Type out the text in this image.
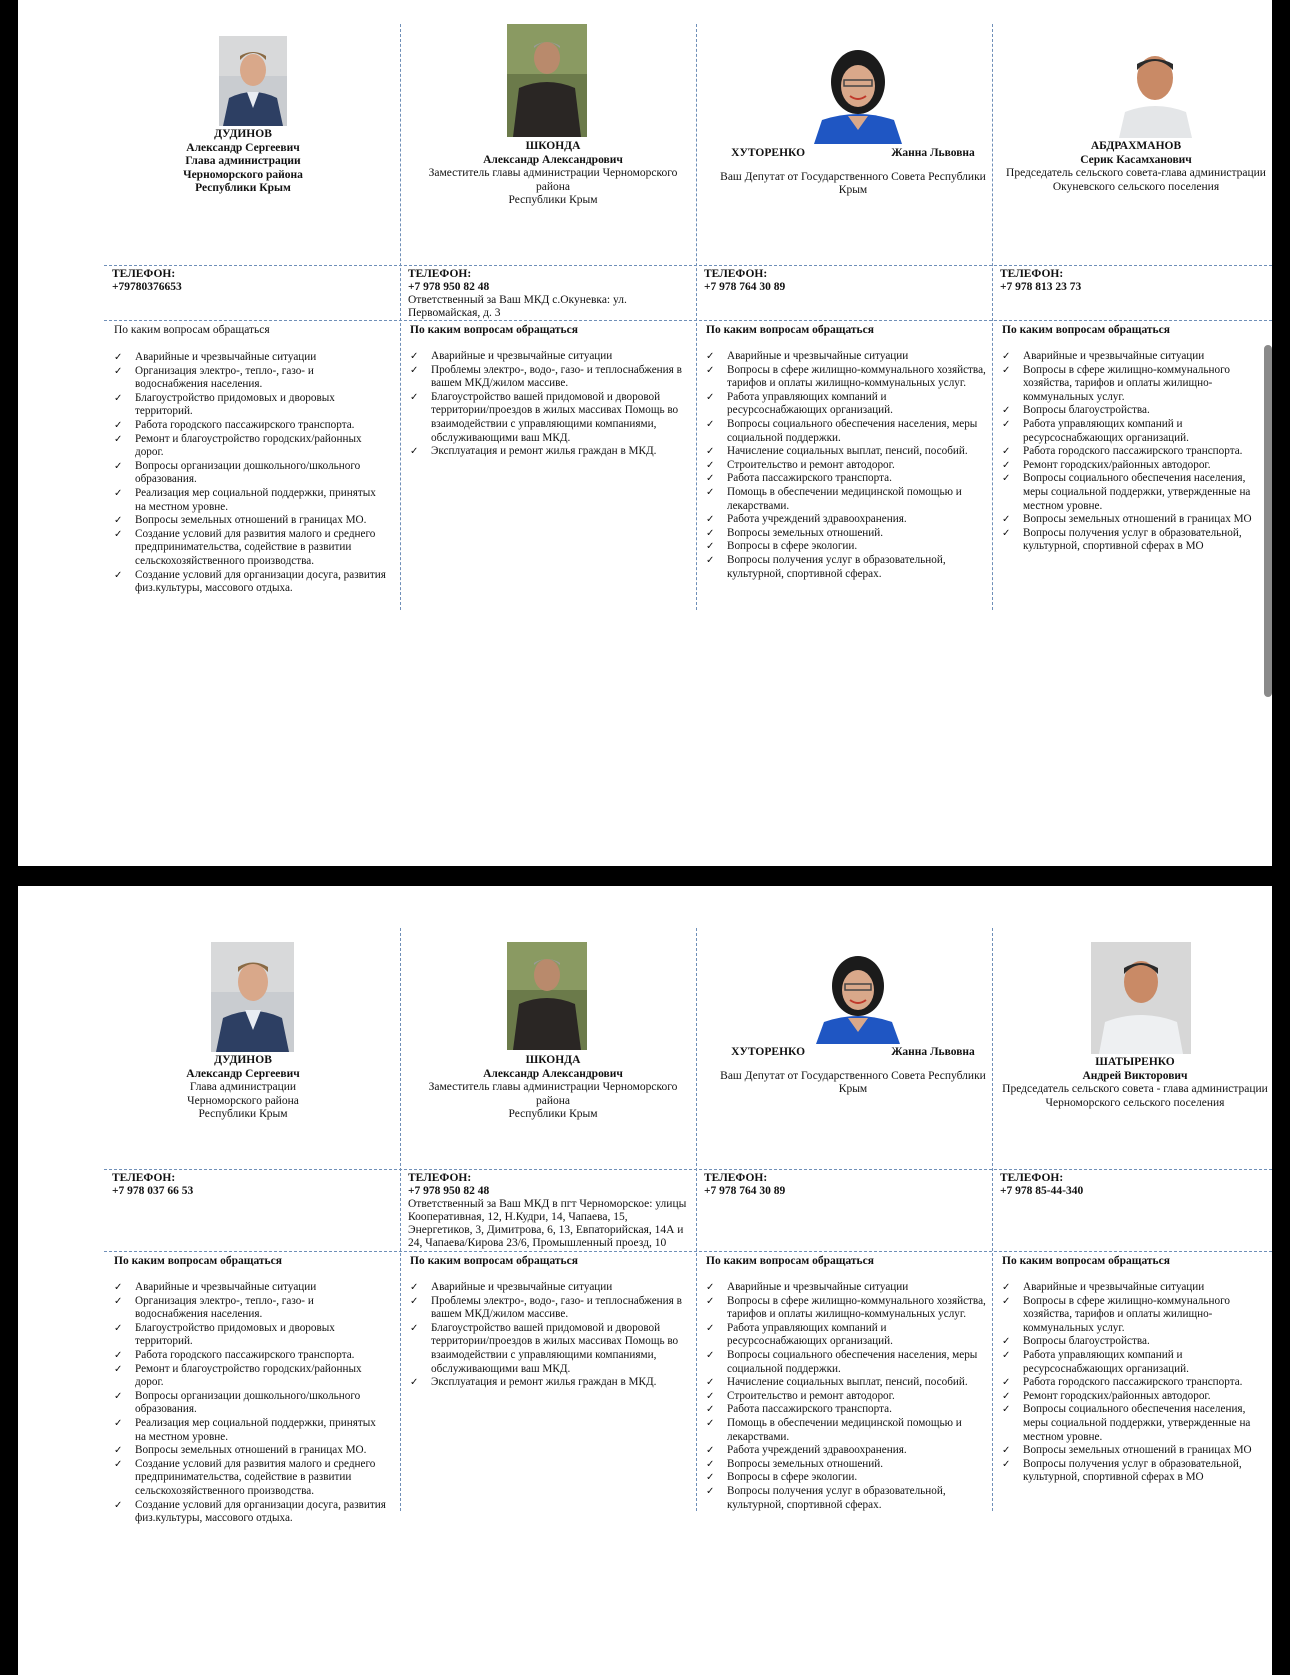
ДУДИНОВ
Александр Сергеевич
Глава администрации
Черноморского района
Республики Крым
ТЕЛЕФОН:
+79780376653
По каким вопросам обращаться
✓ Аварийные и чрезвычайные ситуации
✓ Организация электро-, тепло-, газо- и водоснабжения населения.
✓ Благоустройство придомовых и дворовых территорий.
✓ Работа городского пассажирского транспорта.
✓ Ремонт и благоустройство городских/районных дорог.
✓ Вопросы организации дошкольного/школьного образования.
✓ Реализация мер социальной поддержки, принятых на местном уровне.
✓ Вопросы земельных отношений в границах МО.
✓ Создание условий для развития малого и среднего предпринимательства, содействие в развитии сельскохозяйственного производства.
✓ Создание условий для организации досуга, развития физ.культуры, массового отдыха.
ШКОНДА
Александр Александрович
Заместитель главы администрации Черноморского района
Республики Крым
ТЕЛЕФОН:
+7 978 950 82 48
Ответственный за Ваш МКД с.Окуневка: ул. Первомайская, д. 3
По каким вопросам обращаться
✓ Аварийные и чрезвычайные ситуации
✓ Проблемы электро-, водо-, газо- и теплоснабжения в вашем МКД/жилом массиве.
✓ Благоустройство вашей придомовой и дворовой территории/проездов в жилых массивах Помощь во взаимодействии с управляющими компаниями, обслуживающими ваш МКД.
✓ Эксплуатация и ремонт жилья граждан в МКД.
ХУТОРЕНКО                              Жанна Львовна
Ваш Депутат от Государственного Совета Республики Крым
ТЕЛЕФОН:
+7 978 764 30 89
По каким вопросам обращаться
✓ Аварийные и чрезвычайные ситуации
✓ Вопросы в сфере жилищно-коммунального хозяйства, тарифов и оплаты жилищно-коммунальных услуг.
✓ Работа управляющих компаний и ресурсоснабжающих организаций.
✓ Вопросы социального обеспечения населения, меры социальной поддержки.
✓ Начисление социальных выплат, пенсий, пособий.
✓ Строительство и ремонт автодорог.
✓ Работа пассажирского транспорта.
✓ Помощь в обеспечении медицинской помощью и лекарствами.
✓ Работа учреждений здравоохранения.
✓ Вопросы земельных отношений.
✓ Вопросы в сфере экологии.
✓ Вопросы получения услуг в образовательной, культурной, спортивной сферах.
АБДРАХМАНОВ
Серик Касамханович
Председатель сельского совета-глава администрации Окуневского сельского поселения
ТЕЛЕФОН:
+7 978 813 23 73
По каким вопросам обращаться
✓ Аварийные и чрезвычайные ситуации
✓ Вопросы в сфере жилищно-коммунального хозяйства, тарифов и оплаты жилищно-коммунальных услуг.
✓ Вопросы благоустройства.
✓ Работа управляющих компаний и ресурсоснабжающих организаций.
✓ Работа городского пассажирского транспорта.
✓ Ремонт городских/районных автодорог.
✓ Вопросы социального обеспечения населения, меры социальной поддержки, утвержденные на местном уровне.
✓ Вопросы земельных отношений в границах МО
✓ Вопросы получения услуг в образовательной, культурной, спортивной сферах в МО
ДУДИНОВ
Александр Сергеевич
Глава администрации
Черноморского района
Республики Крым
ТЕЛЕФОН:
+7 978 037 66 53
По каким вопросам обращаться
✓ Аварийные и чрезвычайные ситуации
✓ Организация электро-, тепло-, газо- и водоснабжения населения.
✓ Благоустройство придомовых и дворовых территорий.
✓ Работа городского пассажирского транспорта.
✓ Ремонт и благоустройство городских/районных дорог.
✓ Вопросы организации дошкольного/школьного образования.
✓ Реализация мер социальной поддержки, принятых на местном уровне.
✓ Вопросы земельных отношений в границах МО.
✓ Создание условий для развития малого и среднего предпринимательства, содействие в развитии сельскохозяйственного производства.
✓ Создание условий для организации досуга, развития физ.культуры, массового отдыха.
ШКОНДА
Александр Александрович
Заместитель главы администрации Черноморского района
Республики Крым
ТЕЛЕФОН:
+7 978 950 82 48
Ответственный за Ваш МКД в пгт Черноморское: улицы Кооперативная, 12, Н.Кудри, 14, Чапаева, 15, Энергетиков, 3, Димитрова, 6, 13, Евпаторийская, 14А и 24, Чапаева/Кирова 23/6, Промышленный проезд, 10
По каким вопросам обращаться
✓ Аварийные и чрезвычайные ситуации
✓ Проблемы электро-, водо-, газо- и теплоснабжения в вашем МКД/жилом массиве.
✓ Благоустройство вашей придомовой и дворовой территории/проездов в жилых массивах Помощь во взаимодействии с управляющими компаниями, обслуживающими ваш МКД.
✓ Эксплуатация и ремонт жилья граждан в МКД.
ХУТОРЕНКО                              Жанна Львовна
Ваш Депутат от Государственного Совета Республики Крым
ТЕЛЕФОН:
+7 978 764 30 89
По каким вопросам обращаться
✓ Аварийные и чрезвычайные ситуации
✓ Вопросы в сфере жилищно-коммунального хозяйства, тарифов и оплаты жилищно-коммунальных услуг.
✓ Работа управляющих компаний и ресурсоснабжающих организаций.
✓ Вопросы социального обеспечения населения, меры социальной поддержки.
✓ Начисление социальных выплат, пенсий, пособий.
✓ Строительство и ремонт автодорог.
✓ Работа пассажирского транспорта.
✓ Помощь в обеспечении медицинской помощью и лекарствами.
✓ Работа учреждений здравоохранения.
✓ Вопросы земельных отношений.
✓ Вопросы в сфере экологии.
✓ Вопросы получения услуг в образовательной, культурной, спортивной сферах.
ШАТЫРЕНКО
Андрей Викторович
Председатель сельского совета - глава администрации Черноморского сельского поселения
ТЕЛЕФОН:
+7 978 85-44-340
По каким вопросам обращаться
✓ Аварийные и чрезвычайные ситуации
✓ Вопросы в сфере жилищно-коммунального хозяйства, тарифов и оплаты жилищно-коммунальных услуг.
✓ Вопросы благоустройства.
✓ Работа управляющих компаний и ресурсоснабжающих организаций.
✓ Работа городского пассажирского транспорта.
✓ Ремонт городских/районных автодорог.
✓ Вопросы социального обеспечения населения, меры социальной поддержки, утвержденные на местном уровне.
✓ Вопросы земельных отношений в границах МО
✓ Вопросы получения услуг в образовательной, культурной, спортивной сферах в МО
